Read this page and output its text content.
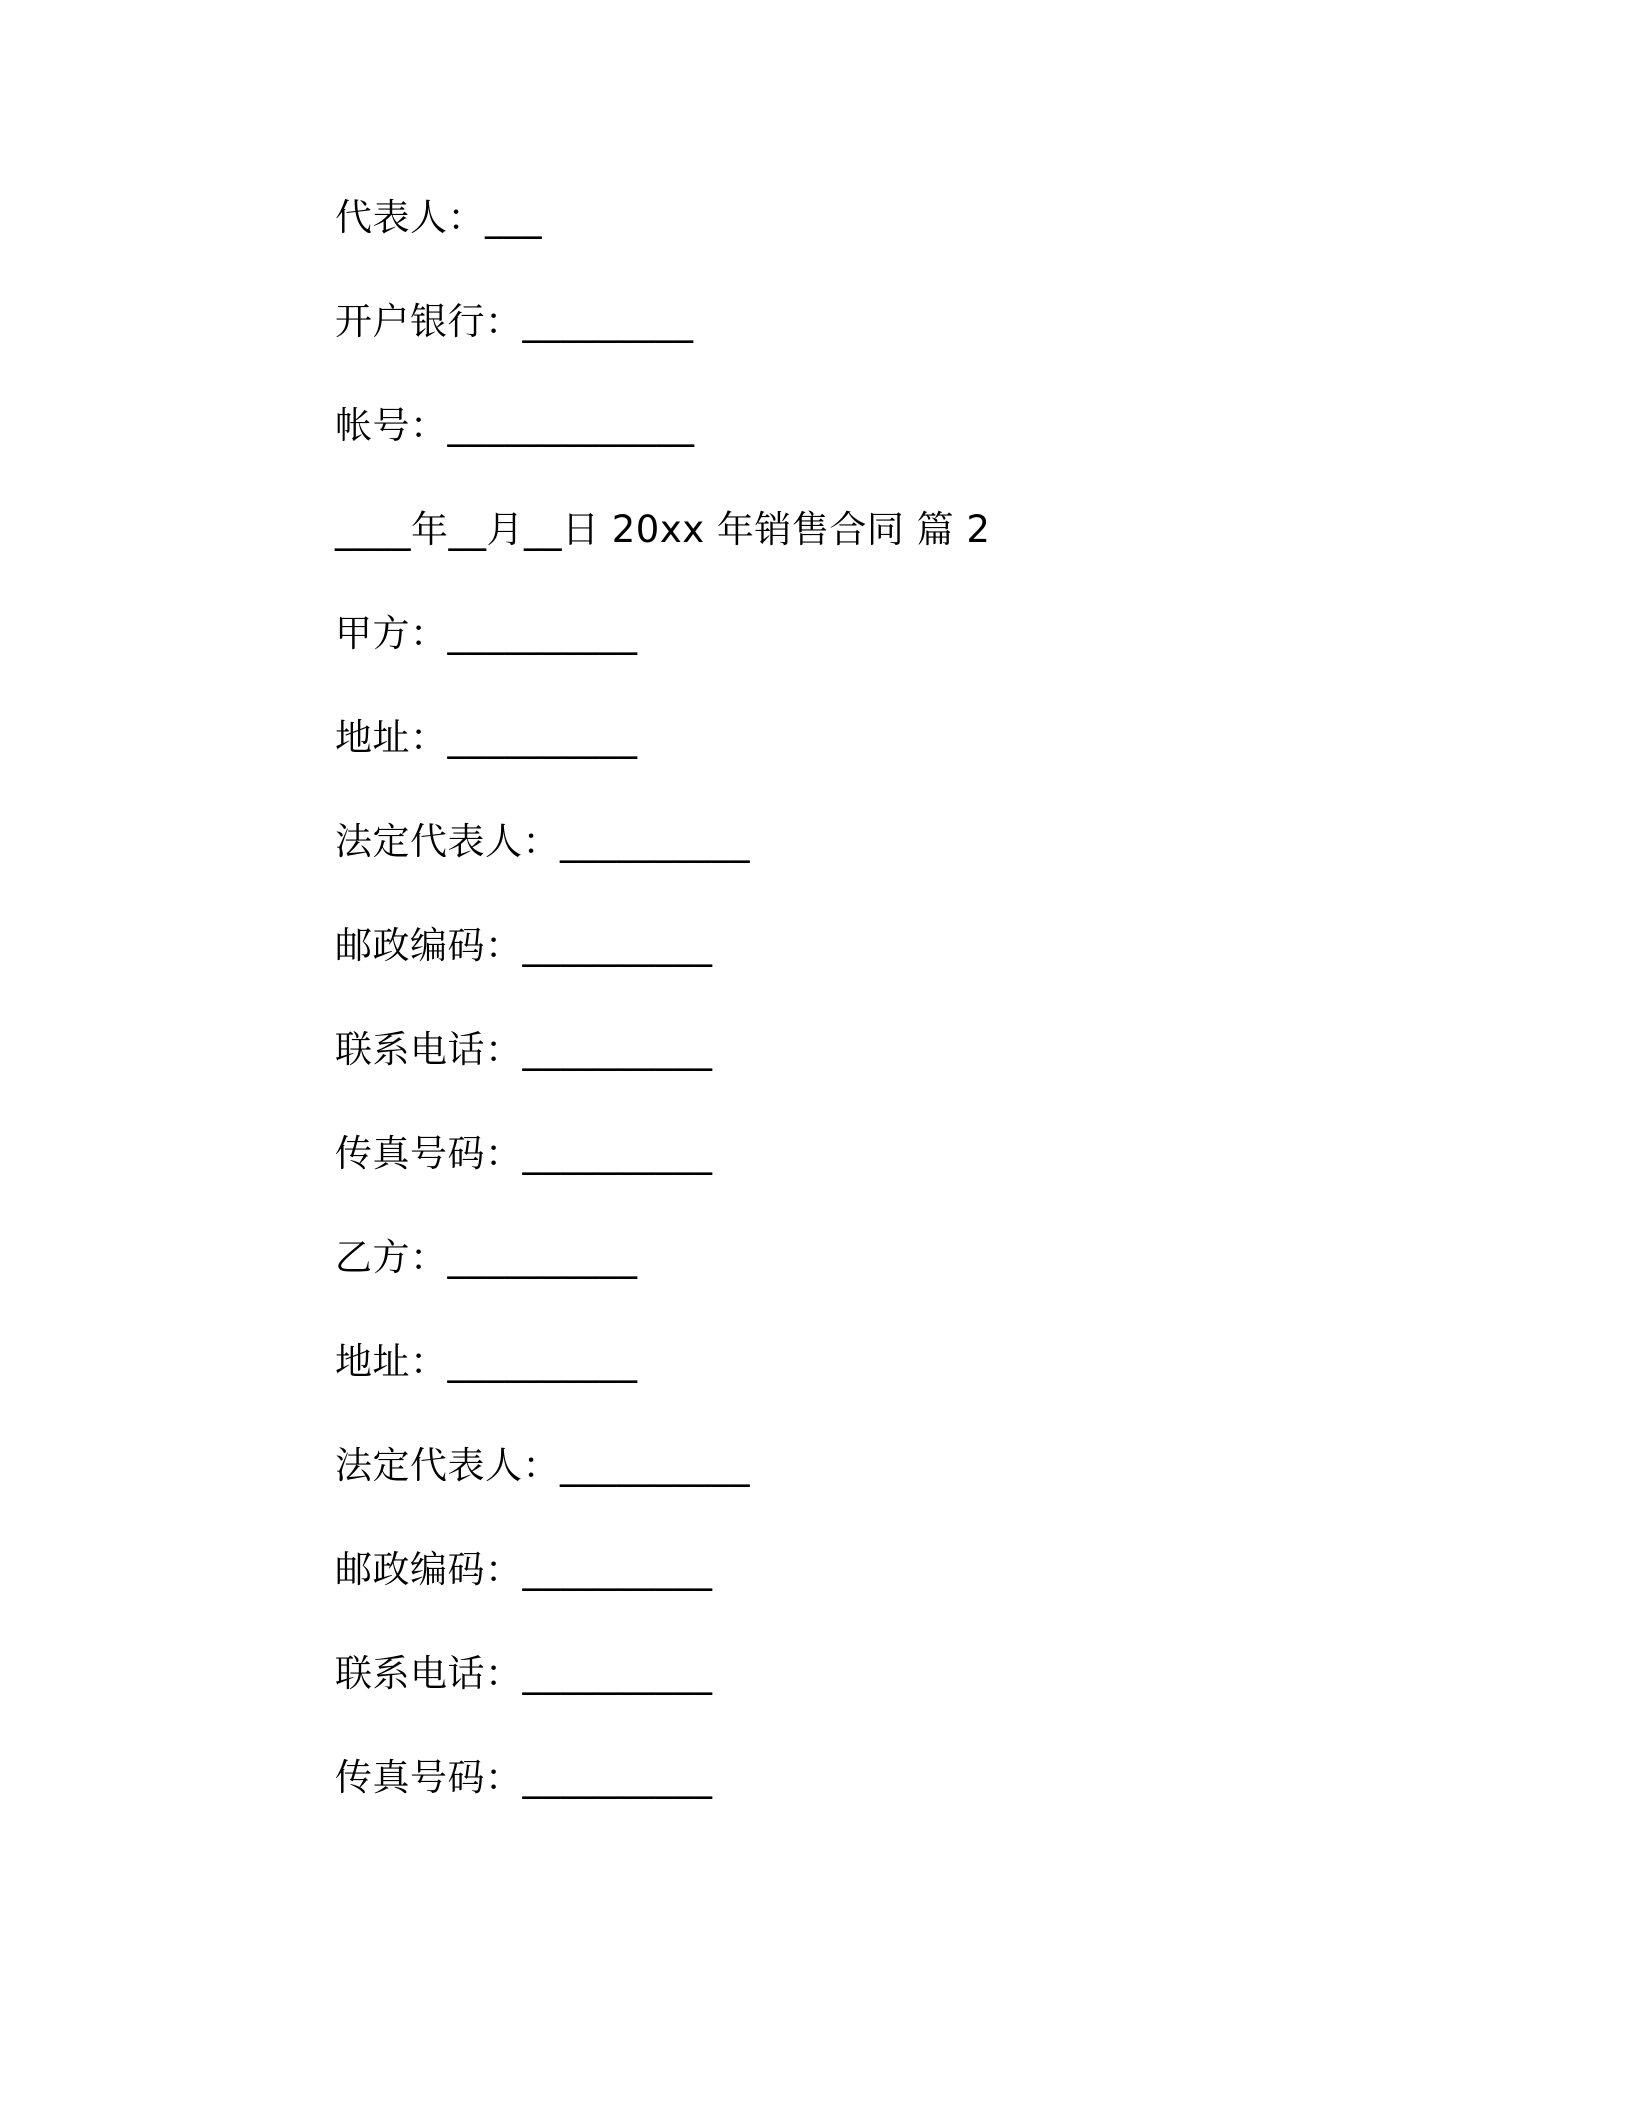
代表人：___
开户银行：_________
帐号：_____________
____年__月__日 20xx 年销售合同 篇 2
甲方：__________
地址：__________
法定代表人：__________
邮政编码：__________
联系电话：__________
传真号码：__________
乙方：__________
地址：__________
法定代表人：__________
邮政编码：__________
联系电话：__________
传真号码：__________
